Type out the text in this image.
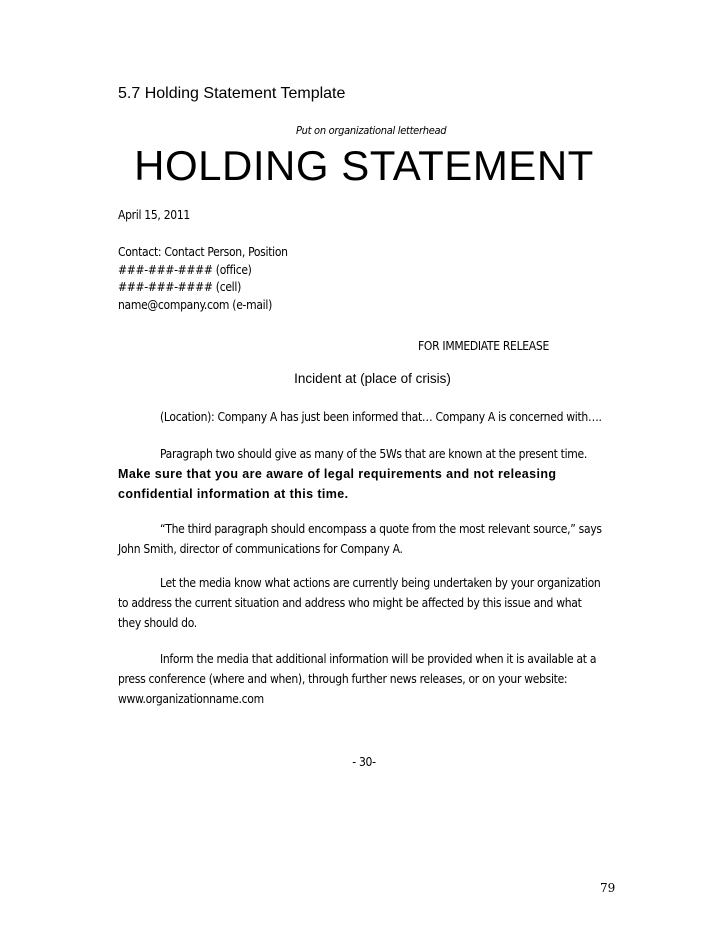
5.7 Holding Statement Template
Put on organizational letterhead
HOLDING STATEMENT
April 15, 2011
Contact: Contact Person, Position
###-###-#### (office)
###-###-#### (cell)
name@company.com (e-mail)
FOR IMMEDIATE RELEASE
Incident at (place of crisis)

(Location): Company A has just been informed that… Company A is concerned with….

Paragraph two should give as many of the 5Ws that are known at the present time. Make sure that you are aware of legal requirements and not releasing confidential information at this time.

“The third paragraph should encompass a quote from the most relevant source,” says John Smith, director of communications for Company A.

Let the media know what actions are currently being undertaken by your organization to address the current situation and address who might be affected by this issue and what they should do.

Inform the media that additional information will be provided when it is available at a press conference (where and when), through further news releases, or on your website: www.organizationname.com

- 30-
79
